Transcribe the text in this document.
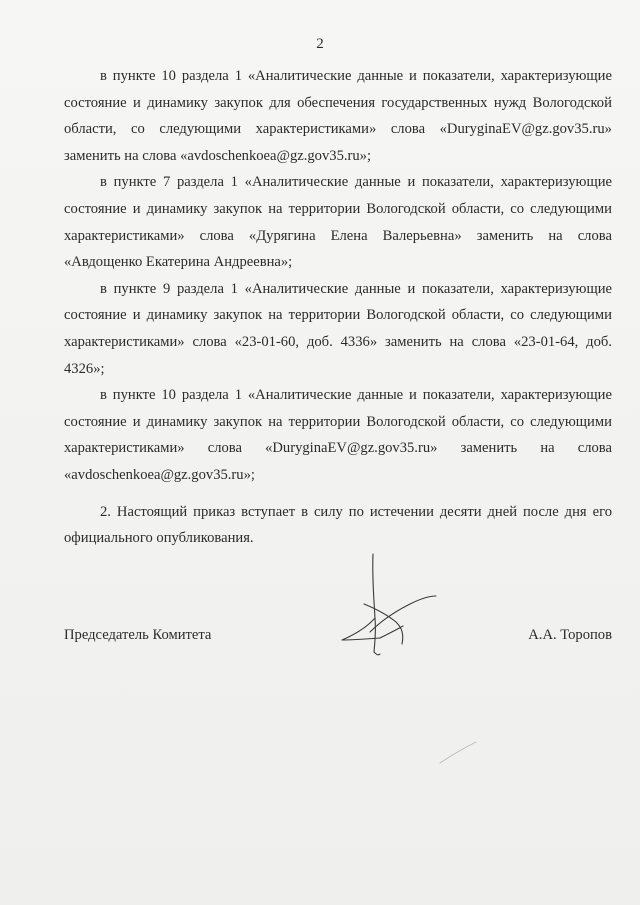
2
в пункте 10 раздела 1 «Аналитические данные и показатели, характеризующие
состояние и динамику закупок для обеспечения государственных нужд Вологодской
области, со следующими характеристиками» слова «DuryginaEV@gz.gov35.ru»
заменить на слова «avdoschenkoea@gz.gov35.ru»;
в пункте 7 раздела 1 «Аналитические данные и показатели, характеризующие
состояние и динамику закупок на территории Вологодской области, со следующими
характеристиками» слова «Дурягина Елена Валерьевна» заменить на слова
«Авдощенко Екатерина Андреевна»;
в пункте 9 раздела 1 «Аналитические данные и показатели, характеризующие
состояние и динамику закупок на территории Вологодской области, со следующими
характеристиками» слова «23-01-60, доб. 4336» заменить на слова «23-01-64, доб.
4326»;
в пункте 10 раздела 1 «Аналитические данные и показатели, характеризующие
состояние и динамику закупок на территории Вологодской области, со следующими
характеристиками» слова «DuryginaEV@gz.gov35.ru» заменить на слова
«avdoschenkoea@gz.gov35.ru»;
2. Настоящий приказ вступает в силу по истечении десяти дней после дня его
официального опубликования.
Председатель Комитета	А.А. Торопов
